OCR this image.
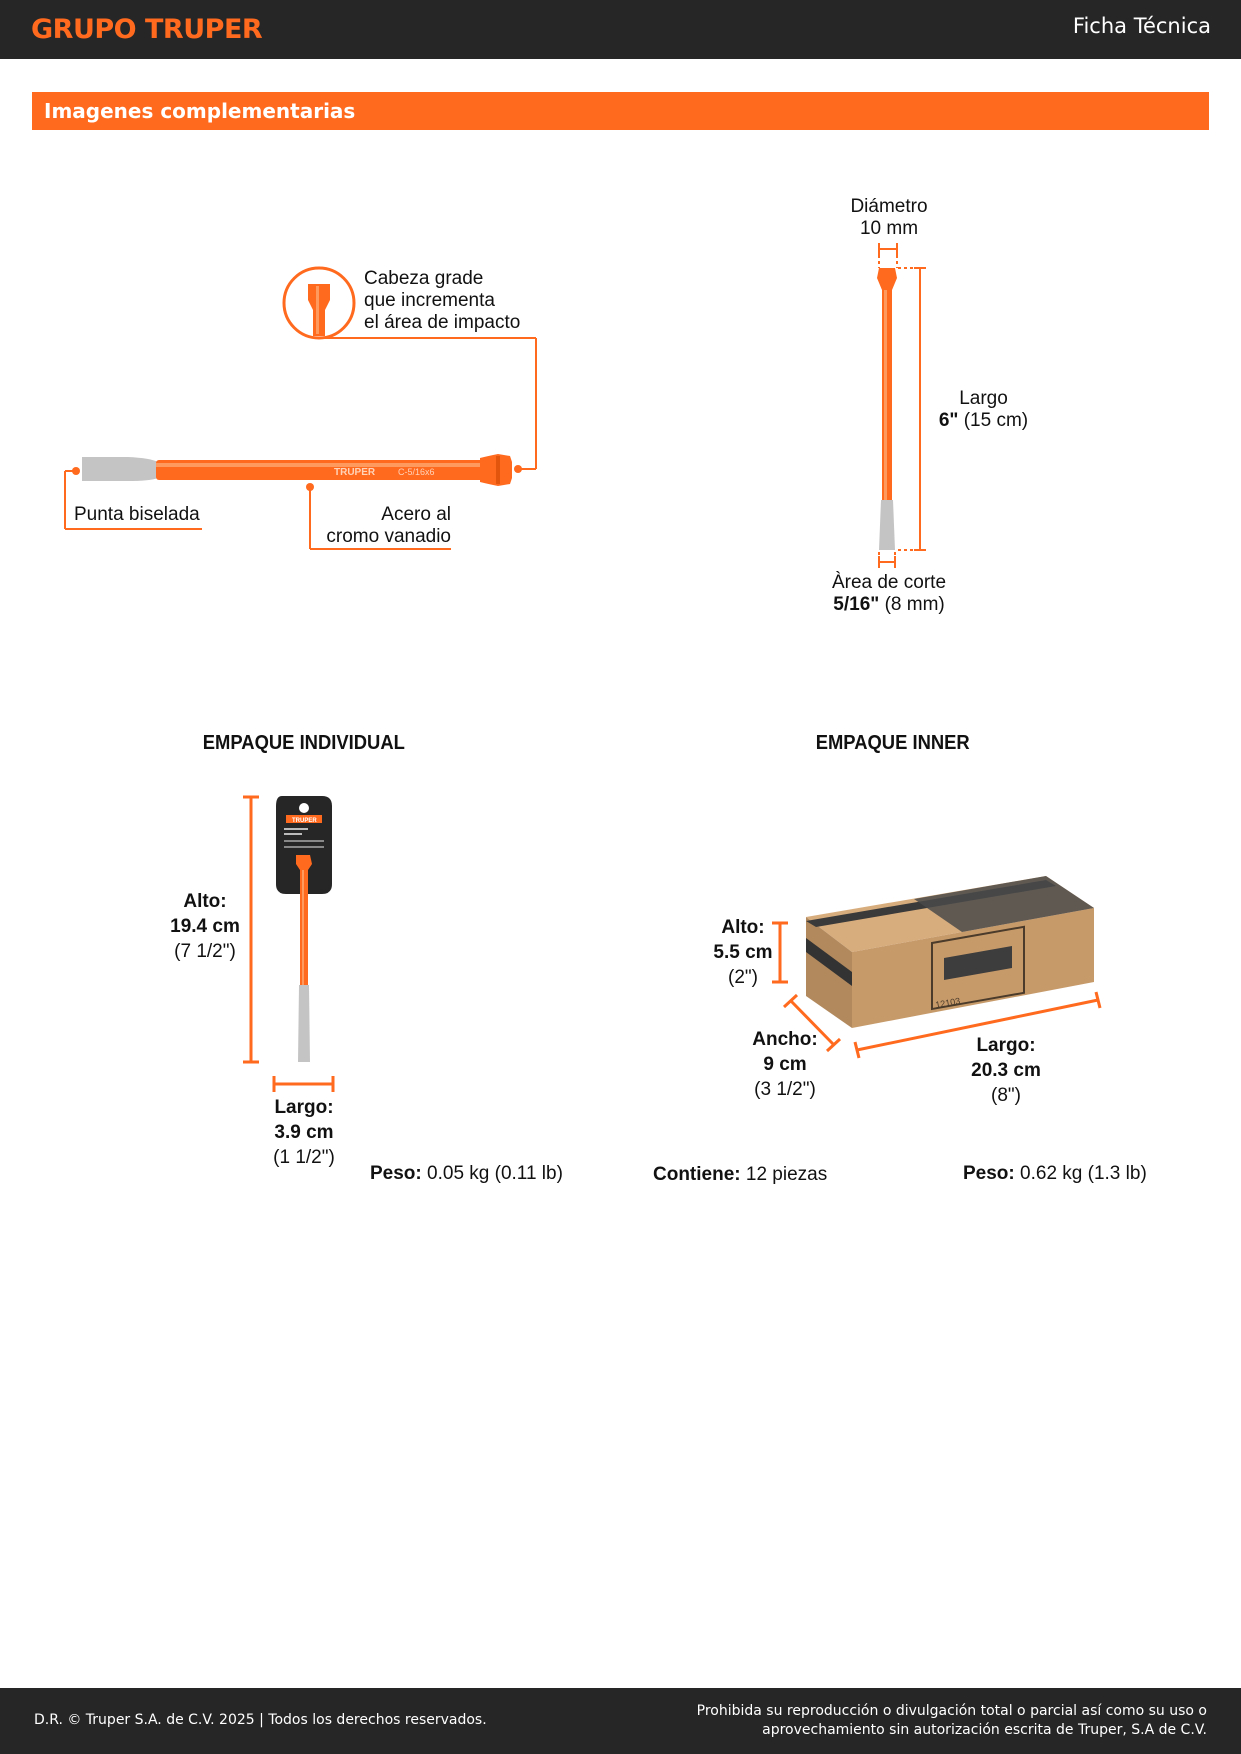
GRUPO TRUPER	Ficha Técnica
Imagenes complementarias
TRUPER	C-5/16x6
TRUPER
12103
Cabeza grade
que incrementa
el área de impacto
Punta biselada	Acero al
cromo vanadio
Diámetro
10 mm
Largo
6" (15 cm)
Àrea de corte
5/16" (8 mm)
EMPAQUE INDIVIDUAL
Alto:
19.4 cm
(7 1/2")
Largo:
3.9 cm
(1 1/2")
Peso: 0.05 kg (0.11 lb)
EMPAQUE INNER
Alto:
5.5 cm
(2")
Ancho:
9 cm
(3 1/2")
Largo:
20.3 cm
(8")
Contiene: 12 piezas	Peso: 0.62 kg (1.3 lb)
D.R. © Truper S.A. de C.V. 2025 | Todos los derechos reservados.
Prohibida su reproducción o divulgación total o parcial así como su uso o
aprovechamiento sin autorización escrita de Truper, S.A de C.V.
